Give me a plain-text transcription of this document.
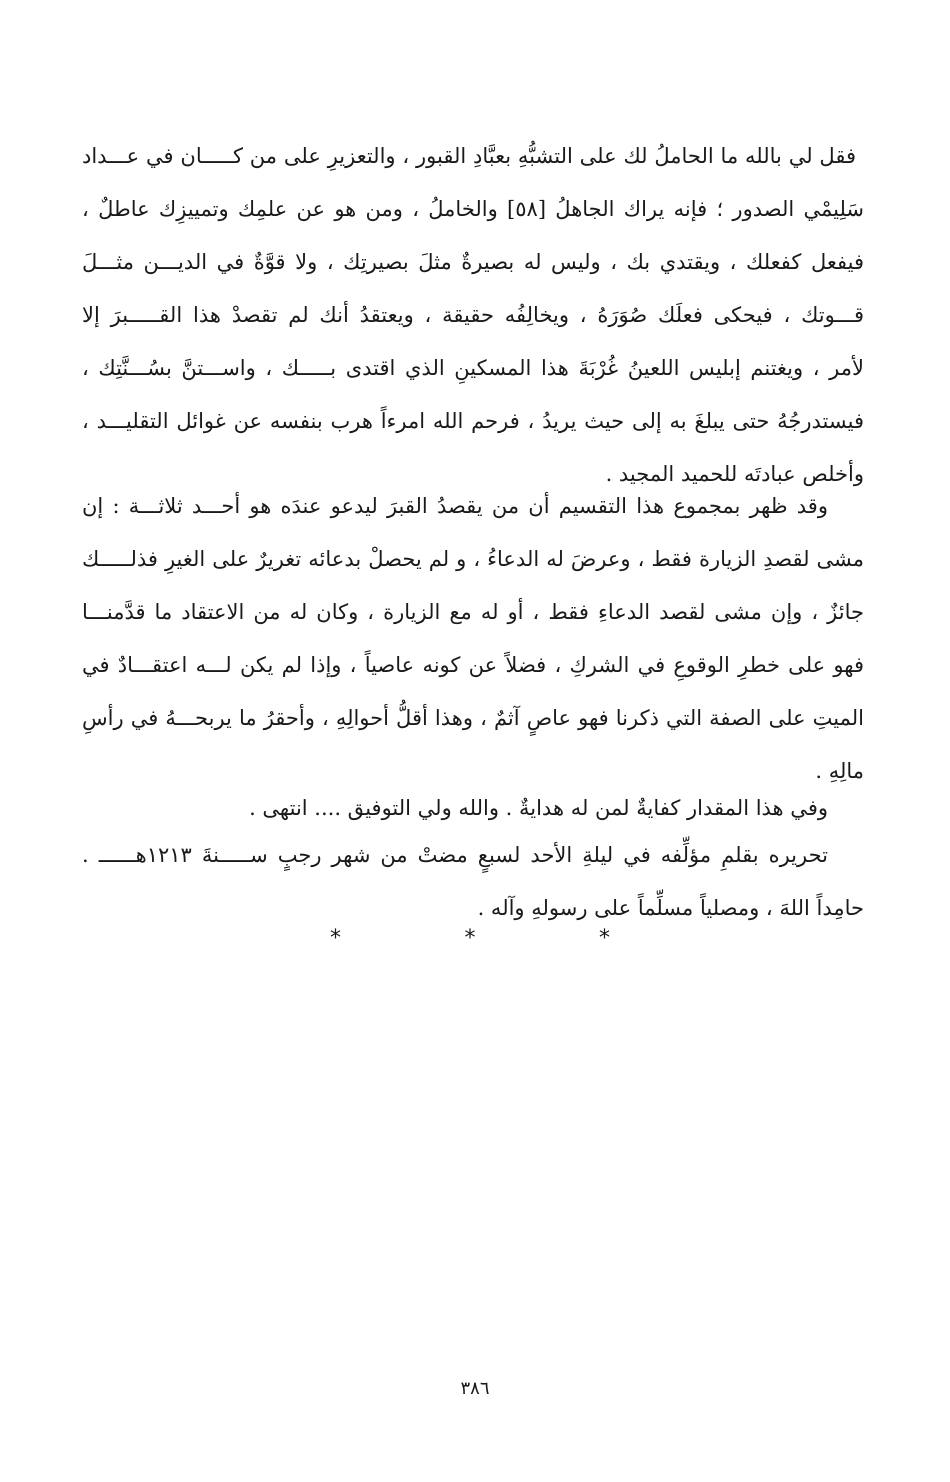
فقل لي بالله ما الحاملُ لك على التشبُّهِ بعبَّادِ القبور ، والتعزيرِ على من كـــــان في عـــداد
سَلِيمْي الصدور ؛ فإنه يراك الجاهلُ [٥٨] والخاملُ ، ومن هو عن علمِك وتمييزِك عاطلٌ ،
فيفعل كفعلك ، ويقتدي بك ، وليس له بصيرةٌ مثلَ بصيرتِك ، ولا قوَّةٌ في الديـــن مثـــلَ
قـــوتك ، فيحكى فعلَك صُوَرَهُ ، ويخالِفُه حقيقة ، ويعتقدُ أنك لم تقصدْ هذا القـــــبرَ إلا
لأمر ، ويغتنم إبليس اللعينُ غُرْبَةَ هذا المسكينِ الذي اقتدى بـــــك ، واســـتنَّ بسُـــنَّتِك ،
فيستدرجُهُ حتى يبلغَ به إلى حيث يريدُ ، فرحم الله امرءاً هرب بنفسه عن غوائل التقليـــد ،
وأخلص عبادتَه للحميد المجيد .
وقد ظهر بمجموع هذا التقسيم أن من يقصدُ القبرَ ليدعو عندَه هو أحـــد ثلاثـــة : إن
مشى لقصدِ الزيارة فقط ، وعرضَ له الدعاءُ ، و لم يحصلْ بدعائه تغريرٌ على الغيرِ فذلـــــك
جائزٌ ، وإن مشى لقصد الدعاءِ فقط ، أو له مع الزيارة ، وكان له من الاعتقاد ما قدَّمنـــا
فهو على خطرِ الوقوعِ في الشركِ ، فضلاً عن كونه عاصياً ، وإذا لم يكن لـــه اعتقـــادٌ في
الميتِ على الصفة التي ذكرنا فهو عاصٍ آثمٌ ، وهذا أقلُّ أحوالِهِ ، وأحقرُ ما يربحـــهُ في رأسِ
مالِهِ .
وفي هذا المقدار كفايةٌ لمن له هدايةٌ . والله ولي التوفيق .... انتهى .
تحريره بقلمِ مؤلِّفه في ليلةِ الأحد لسبعٍ مضتْ من شهر رجبٍ ســـــنةَ ١٢١٣هــــــ .
حامِداً اللهَ ، ومصلياً مسلِّماً على رسولهِ وآله .
*	*	*
٣٨٦
